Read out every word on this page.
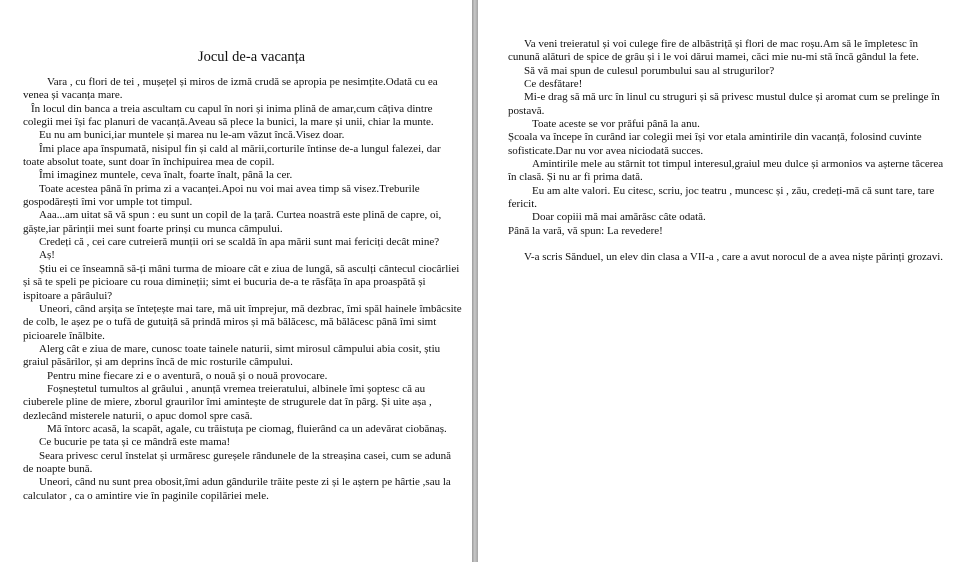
Jocul de-a vacanța

Vara , cu flori de tei , mușețel și miros de izmă crudă se apropia pe nesimțite.Odată cu ea venea și vacanța mare.

În locul din banca a treia ascultam cu capul în nori și inima plină de amar,cum câțiva dintre colegii mei își fac planuri de vacanță.Aveau să plece la bunici, la mare și unii, chiar la munte.

Eu nu am bunici,iar muntele și marea nu le-am văzut încă.Visez doar.

Îmi place apa înspumată, nisipul fin și cald al mării,corturile întinse de-a lungul falezei, dar toate absolut toate, sunt doar în închipuirea mea de copil.

Îmi imaginez muntele, ceva înalt, foarte înalt, până la cer.

Toate acestea până în prima zi a vacanței.Apoi nu voi mai avea timp să visez.Treburile gospodărești îmi vor umple tot timpul.

Aaa...am uitat să vă spun : eu sunt un copil de la țară. Curtea noastră este plină de capre, oi, găște,iar părinții mei sunt foarte prinși cu munca câmpului.

Credeți că , cei care cutreieră munții ori se scaldă în apa mării sunt mai fericiți decât mine?

Aș!

Știu ei ce înseamnă să-ți mâni turma de mioare cât e ziua de lungă, să asculți cântecul ciocârliei și să te speli pe picioare cu roua dimineții; simt ei bucuria de-a te răsfăța în apa proaspătă și ispitoare a pârâului?

Uneori, când arșița se întețește mai tare, mă uit împrejur, mă dezbrac, îmi spăl hainele îmbâcsite de colb, le așez pe o tufă de gutuiță să prindă miros și mă bălăcesc, mă bălăcesc până îmi simt picioarele înălbite.

Alerg cât e ziua de mare, cunosc toate tainele naturii, simt mirosul câmpului abia cosit, știu graiul păsărilor, și am deprins încă de mic rosturile câmpului.

Pentru mine fiecare zi e o aventură, o nouă și o nouă provocare.

Foșneștetul tumultos al grâului , anunță vremea treieratului, albinele îmi șoptesc că au ciuberele pline de miere, zborul graurilor îmi amintește de strugurele dat în pârg. Și uite așa , dezlecând misterele naturii, o apuc domol spre casă.

Mă întorc acasă, la scapăt, agale, cu trăistuța pe ciomag, fluierând ca un adevărat ciobănaș.

Ce bucurie pe tata și ce mândră este mama!

Seara privesc cerul înstelat și urmăresc gureșele rândunele de la streașina casei, cum se adună de noapte bună.

Uneori, când nu sunt prea obosit,îmi adun gândurile trăite peste zi și le aștern pe hârtie ,sau la calculator , ca o amintire vie în paginile copilăriei mele.

Va veni treieratul și voi culege fire de albăstriță și flori de mac roșu.Am să le împletesc în cunună alături de spice de grâu și i le voi dărui mamei, căci mie nu-mi stă încă gândul la fete.

Să vă mai spun de culesul porumbului sau al strugurilor?

Ce desfătare!

Mi-e drag să mă urc în linul cu struguri și să privesc mustul dulce și aromat cum se prelinge în postavă.

Toate aceste se vor prăfui până la anu.

Școala va începe în curând iar colegii mei își vor etala amintirile din vacanță, folosind cuvinte sofisticate.Dar nu vor avea niciodată succes.

Amintirile mele au stârnit tot timpul interesul,graiul meu dulce și armonios va așterne tăcerea în clasă. Și nu ar fi prima dată.

Eu am alte valori. Eu citesc, scriu, joc teatru , muncesc și , zău, credeți-mă că sunt tare, tare fericit.

Doar copiii mă mai amărăsc câte odată.

Până la vară, vă spun: La revedere!

V-a scris Sănduel, un elev din clasa a VII-a , care a avut norocul de a avea niște părinți grozavi.
